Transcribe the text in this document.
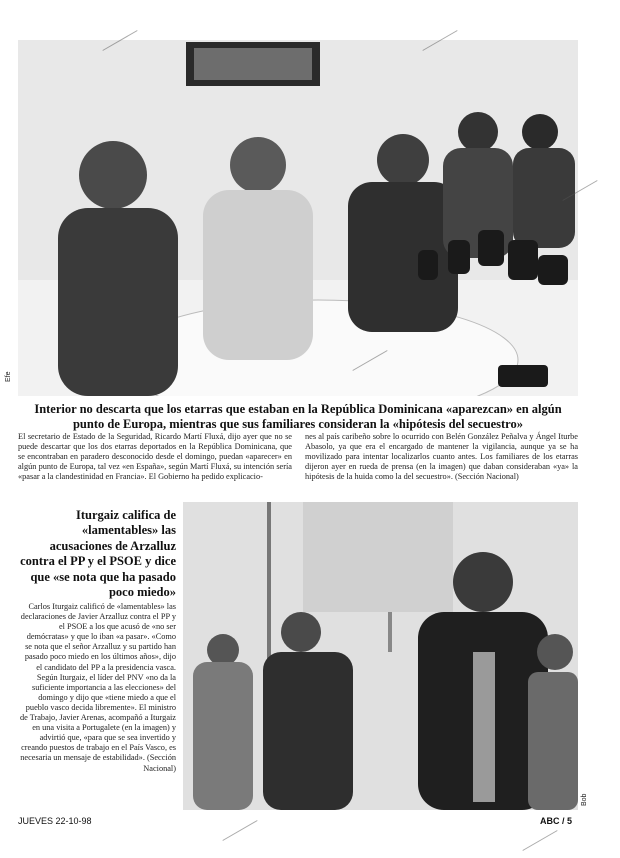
Efe
Interior no descarta que los etarras que estaban en la República Dominicana «aparezcan» en algún punto de Europa, mientras que sus familiares consideran la «hipótesis del secuestro»
El secretario de Estado de la Seguridad, Ricardo Martí Fluxá, dijo ayer que no se puede descartar que los dos etarras deportados en la República Dominicana, que se encontraban en paradero desconocido desde el domingo, puedan «aparecer» en algún punto de Europa, tal vez «en España», según Martí Fluxá, su intención sería «pasar a la clandestinidad en Francia». El Gobierno ha pedido explicacio-
nes al país caribeño sobre lo ocurrido con Belén González Peñalva y Ángel Iturbe Abasolo, ya que era el encargado de mantener la vigilancia, aunque ya se ha movilizado para intentar localizarlos cuanto antes. Los familiares de los etarras dijeron ayer en rueda de prensa (en la imagen) que daban consideraban «ya» la hipótesis de la huida como la del secuestro». (Sección Nacional)
Iturgaiz califica de «lamentables» las acusaciones de Arzalluz contra el PP y el PSOE y dice que «se nota que ha pasado poco miedo»
Carlos Iturgaiz calificó de «lamentables» las declaraciones de Javier Arzalluz contra el PP y el PSOE a los que acusó de «no ser demócratas» y que lo iban «a pasar». «Como se nota que el señor Arzalluz y su partido han pasado poco miedo en los últimos años», dijo el candidato del PP a la presidencia vasca. Según Iturgaiz, el líder del PNV «no da la suficiente importancia a las elecciones» del domingo y dijo que «tiene miedo a que el pueblo vasco decida libremente». El ministro de Trabajo, Javier Arenas, acompañó a Iturgaiz en una visita a Portugalete (en la imagen) y advirtió que, «para que se sea invertido y creando puestos de trabajo en el País Vasco, es necesaria un mensaje de estabilidad». (Sección Nacional)
Bob
JUEVES 22-10-98	ABC / 5
